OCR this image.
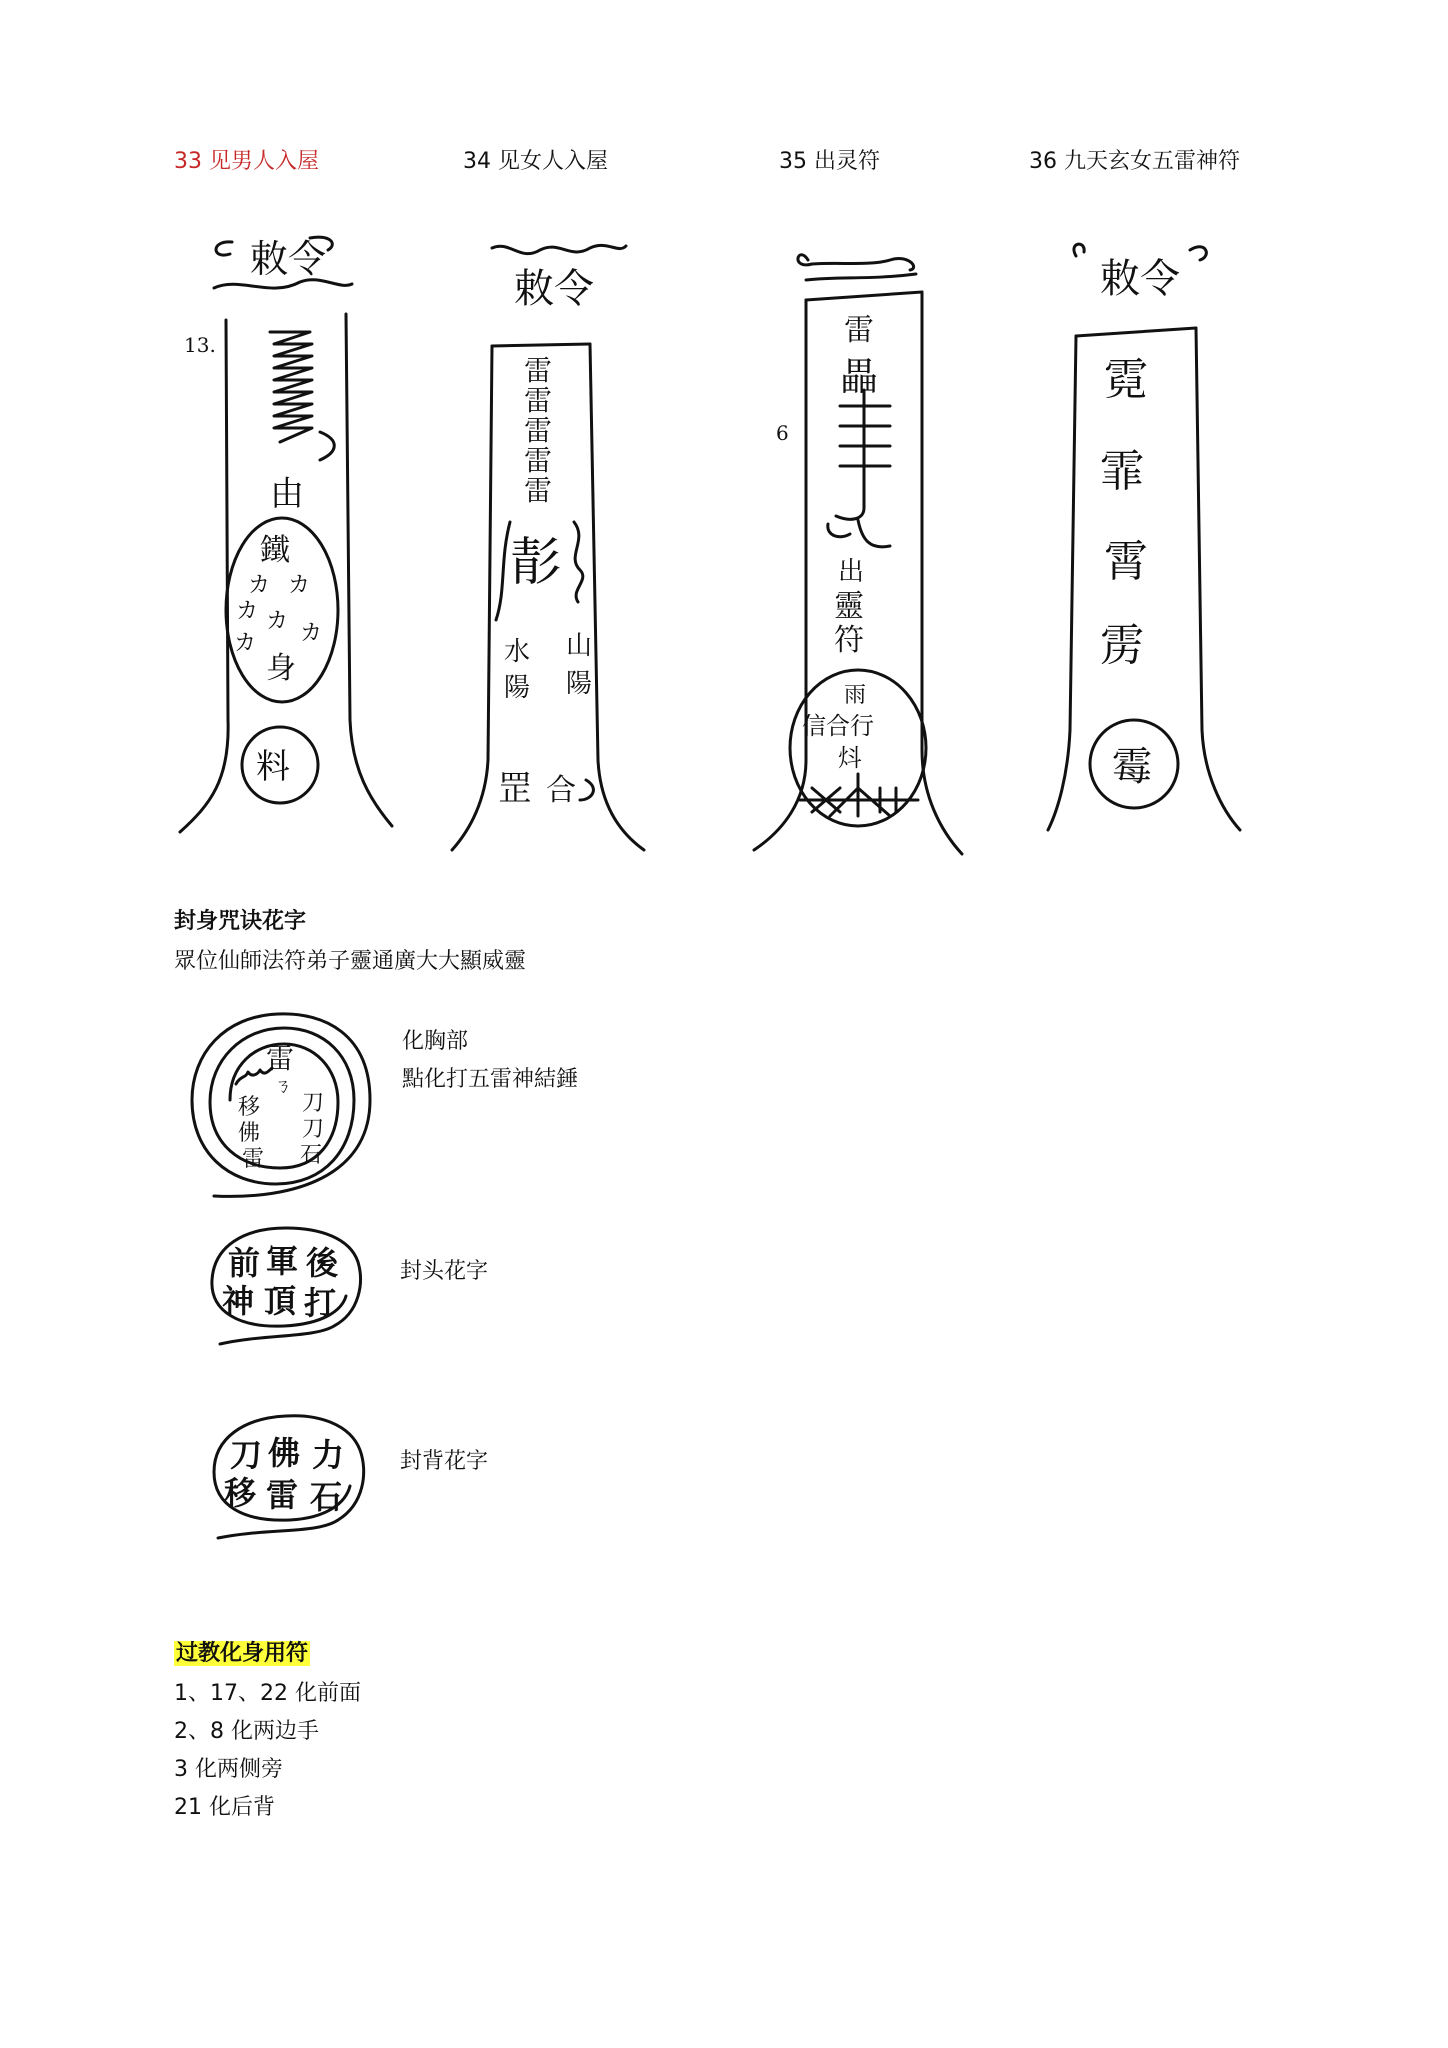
33 见男人入屋	34 见女人入屋	35 出灵符	36 九天玄女五雷神符
敕令
13.
由
鐵
カ カ
カ カ
カ カ
身
料
敕令
雷
雷
雷
雷
雷
𩇕
水
陽
山
陽
罡 合
6
雷
畾
出
靈
符
雨
信合行
炓
敕令
霓
霏
霄
雳
霉
封身咒诀花字
眾位仙師法符弟子靈通廣大大顯威靈
雷
ㄋ
刀
移
刀
佛
石
雷
化胸部
點化打五雷神結錘
前 軍 後
神 頂 打
封头花字
刀 佛 力
移 雷 石
封背花字
过教化身用符
1、17、22 化前面
2、8 化两边手
3 化两侧旁
21 化后背
